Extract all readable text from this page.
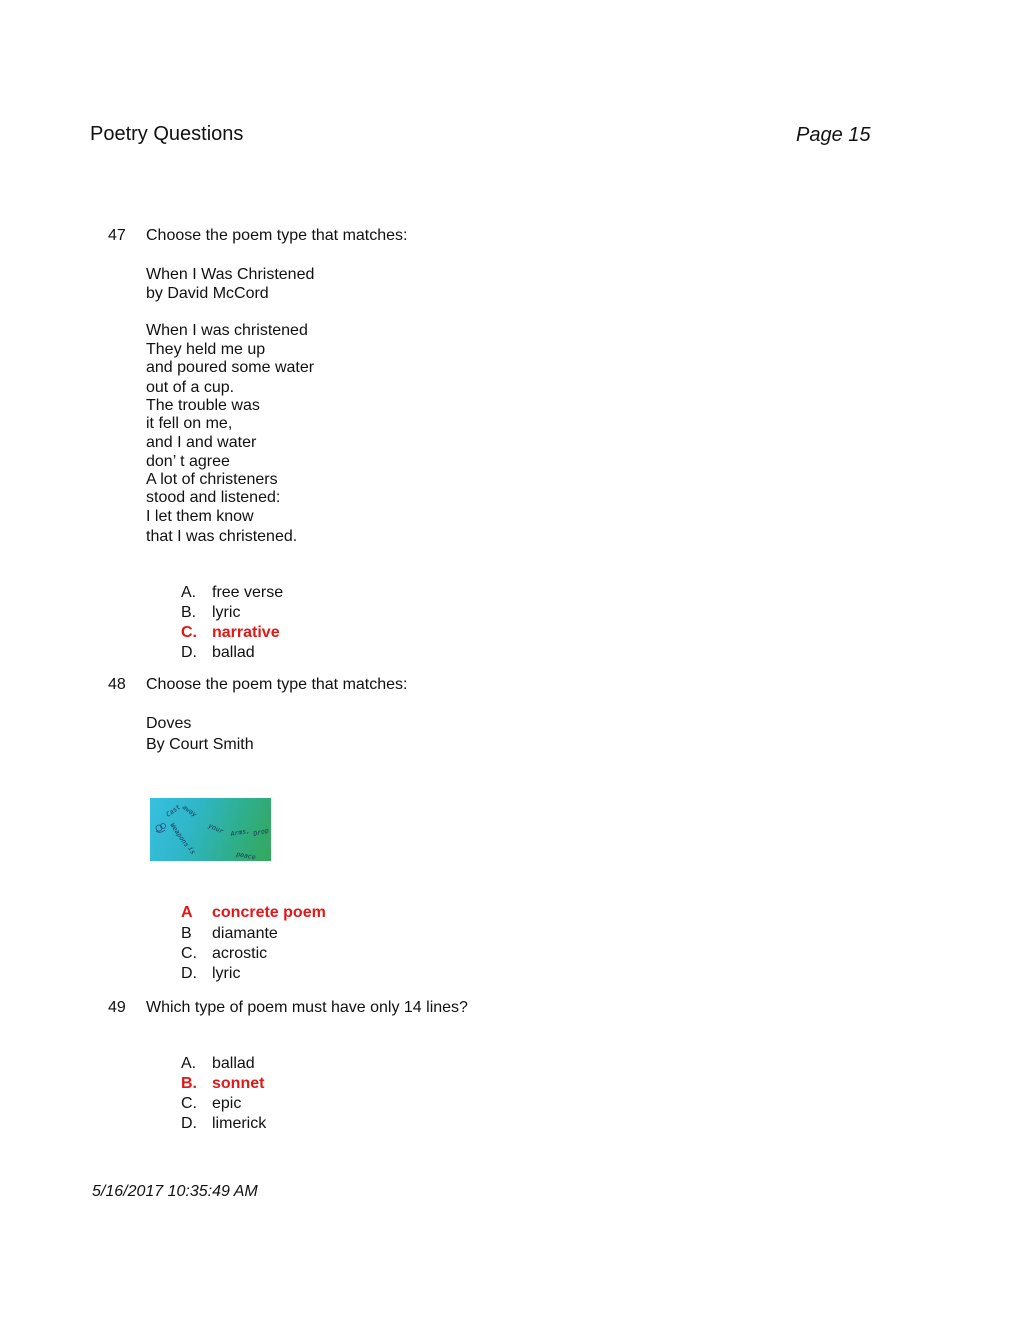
Poetry Questions	Page 15
47 Choose the poem type that matches:
When I Was Christened
by David McCord
When I was christened
They held me up
and poured some water
out of a cup.
The trouble was
it fell on me,
and I and water
don’ t agree
A lot of christeners
stood and listened:
I let them know
that I was christened.
A. free verse
B. lyric
C. narrative
D. ballad
48 Choose the poem type that matches:
Doves
By Court Smith
Cast
away
Weapons	your Arms, Drop
is	peace
A concrete poem
B diamante
C. acrostic
D. lyric
49 Which type of poem must have only 14 lines?
A. ballad
B. sonnet
C. epic
D. limerick
5/16/2017 10:35:49 AM
